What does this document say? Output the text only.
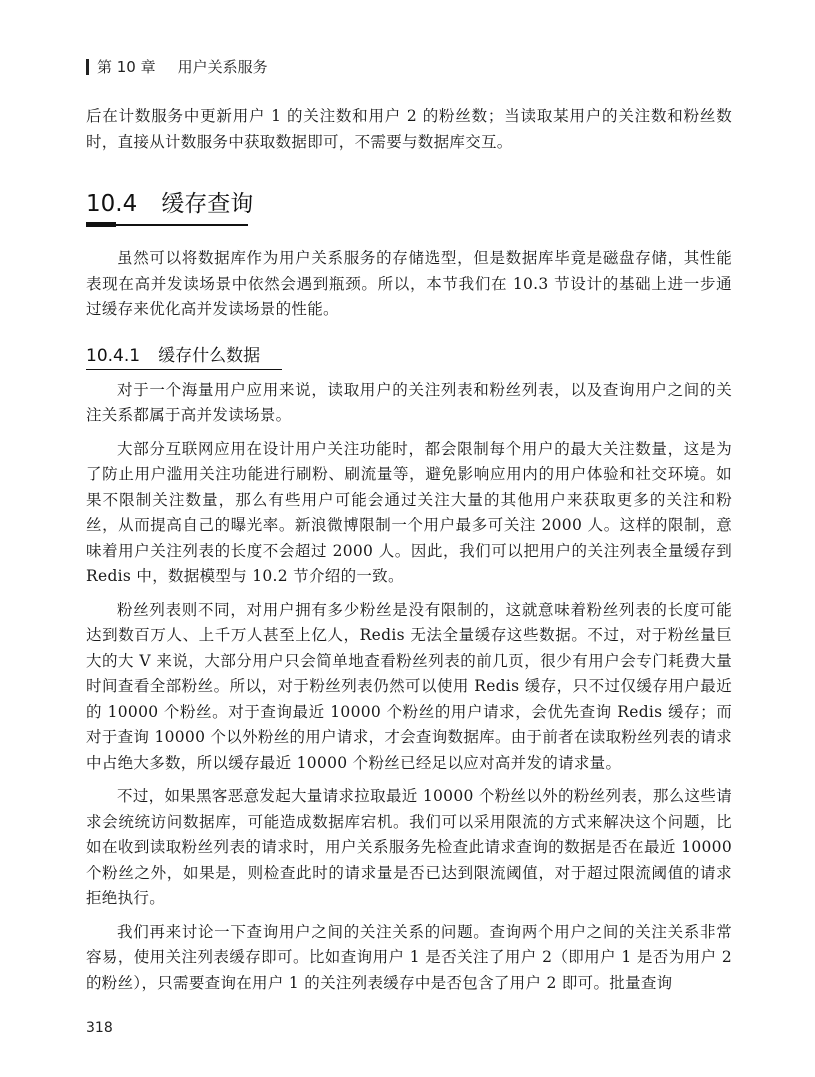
第 10 章 用户关系服务

后在计数服务中更新用户 1 的关注数和用户 2 的粉丝数；当读取某用户的关注数和粉丝数时，直接从计数服务中获取数据即可，不需要与数据库交互。

10.4 缓存查询

虽然可以将数据库作为用户关系服务的存储选型，但是数据库毕竟是磁盘存储，其性能表现在高并发读场景中依然会遇到瓶颈。所以，本节我们在 10.3 节设计的基础上进一步通过缓存来优化高并发读场景的性能。

10.4.1 缓存什么数据

对于一个海量用户应用来说，读取用户的关注列表和粉丝列表，以及查询用户之间的关注关系都属于高并发读场景。

大部分互联网应用在设计用户关注功能时，都会限制每个用户的最大关注数量，这是为了防止用户滥用关注功能进行刷粉、刷流量等，避免影响应用内的用户体验和社交环境。如果不限制关注数量，那么有些用户可能会通过关注大量的其他用户来获取更多的关注和粉丝，从而提高自己的曝光率。新浪微博限制一个用户最多可关注 2000 人。这样的限制，意味着用户关注列表的长度不会超过 2000 人。因此，我们可以把用户的关注列表全量缓存到 Redis 中，数据模型与 10.2 节介绍的一致。

粉丝列表则不同，对用户拥有多少粉丝是没有限制的，这就意味着粉丝列表的长度可能达到数百万人、上千万人甚至上亿人，Redis 无法全量缓存这些数据。不过，对于粉丝量巨大的大 V 来说，大部分用户只会简单地查看粉丝列表的前几页，很少有用户会专门耗费大量时间查看全部粉丝。所以，对于粉丝列表仍然可以使用 Redis 缓存，只不过仅缓存用户最近的 10000 个粉丝。对于查询最近 10000 个粉丝的用户请求，会优先查询 Redis 缓存；而对于查询 10000 个以外粉丝的用户请求，才会查询数据库。由于前者在读取粉丝列表的请求中占绝大多数，所以缓存最近 10000 个粉丝已经足以应对高并发的请求量。

不过，如果黑客恶意发起大量请求拉取最近 10000 个粉丝以外的粉丝列表，那么这些请求会统统访问数据库，可能造成数据库宕机。我们可以采用限流的方式来解决这个问题，比如在收到读取粉丝列表的请求时，用户关系服务先检查此请求查询的数据是否在最近 10000 个粉丝之外，如果是，则检查此时的请求量是否已达到限流阈值，对于超过限流阈值的请求拒绝执行。

我们再来讨论一下查询用户之间的关注关系的问题。查询两个用户之间的关注关系非常容易，使用关注列表缓存即可。比如查询用户 1 是否关注了用户 2（即用户 1 是否为用户 2 的粉丝），只需要查询在用户 1 的关注列表缓存中是否包含了用户 2 即可。批量查询

318
